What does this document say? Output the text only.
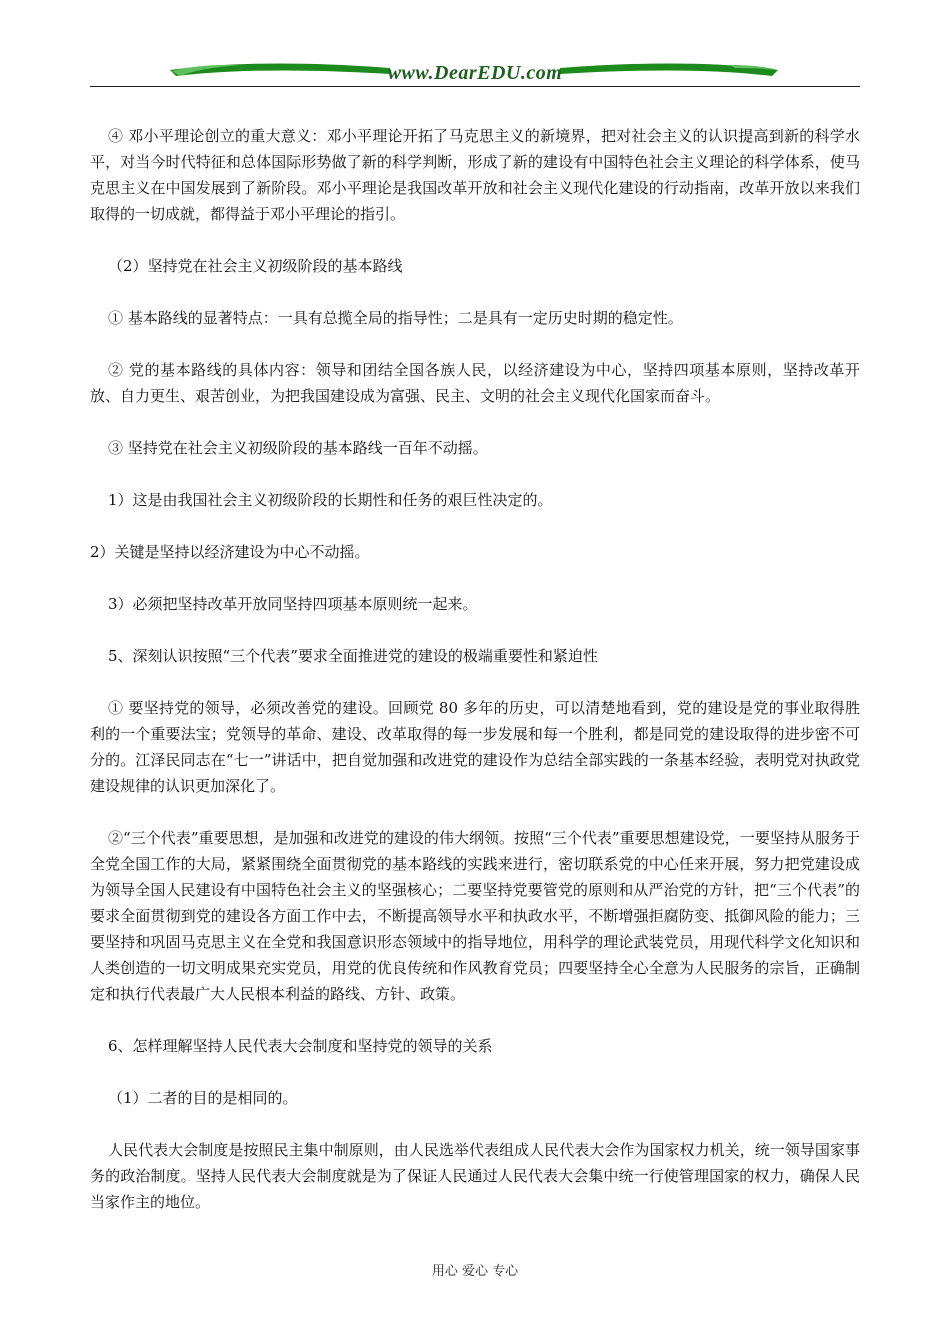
www.DearEDU.com

④ 邓小平理论创立的重大意义：邓小平理论开拓了马克思主义的新境界，把对社会主义的认识提高到新的科学水平，对当今时代特征和总体国际形势做了新的科学判断，形成了新的建设有中国特色社会主义理论的科学体系，使马克思主义在中国发展到了新阶段。邓小平理论是我国改革开放和社会主义现代化建设的行动指南，改革开放以来我们取得的一切成就，都得益于邓小平理论的指引。

（2）坚持党在社会主义初级阶段的基本路线

① 基本路线的显著特点：一具有总揽全局的指导性；二是具有一定历史时期的稳定性。

② 党的基本路线的具体内容：领导和团结全国各族人民，以经济建设为中心，坚持四项基本原则，坚持改革开放、自力更生、艰苦创业，为把我国建设成为富强、民主、文明的社会主义现代化国家而奋斗。

③ 坚持党在社会主义初级阶段的基本路线一百年不动摇。

1）这是由我国社会主义初级阶段的长期性和任务的艰巨性决定的。

2）关键是坚持以经济建设为中心不动摇。

3）必须把坚持改革开放同坚持四项基本原则统一起来。

5、深刻认识按照“三个代表”要求全面推进党的建设的极端重要性和紧迫性

① 要坚持党的领导，必须改善党的建设。回顾党 80 多年的历史，可以清楚地看到，党的建设是党的事业取得胜利的一个重要法宝；党领导的革命、建设、改革取得的每一步发展和每一个胜利，都是同党的建设取得的进步密不可分的。江泽民同志在“七一”讲话中，把自觉加强和改进党的建设作为总结全部实践的一条基本经验，表明党对执政党建设规律的认识更加深化了。

②“三个代表”重要思想，是加强和改进党的建设的伟大纲领。按照“三个代表”重要思想建设党，一要坚持从服务于全党全国工作的大局，紧紧围绕全面贯彻党的基本路线的实践来进行，密切联系党的中心任来开展，努力把党建设成为领导全国人民建设有中国特色社会主义的坚强核心；二要坚持党要管党的原则和从严治党的方针，把“三个代表”的要求全面贯彻到党的建设各方面工作中去，不断提高领导水平和执政水平，不断增强拒腐防变、抵御风险的能力；三要坚持和巩固马克思主义在全党和我国意识形态领域中的指导地位，用科学的理论武装党员，用现代科学文化知识和人类创造的一切文明成果充实党员，用党的优良传统和作风教育党员；四要坚持全心全意为人民服务的宗旨，正确制定和执行代表最广大人民根本利益的路线、方针、政策。

6、怎样理解坚持人民代表大会制度和坚持党的领导的关系

（1）二者的目的是相同的。

人民代表大会制度是按照民主集中制原则，由人民选举代表组成人民代表大会作为国家权力机关，统一领导国家事务的政治制度。坚持人民代表大会制度就是为了保证人民通过人民代表大会集中统一行使管理国家的权力，确保人民当家作主的地位。

用心 爱心 专心
